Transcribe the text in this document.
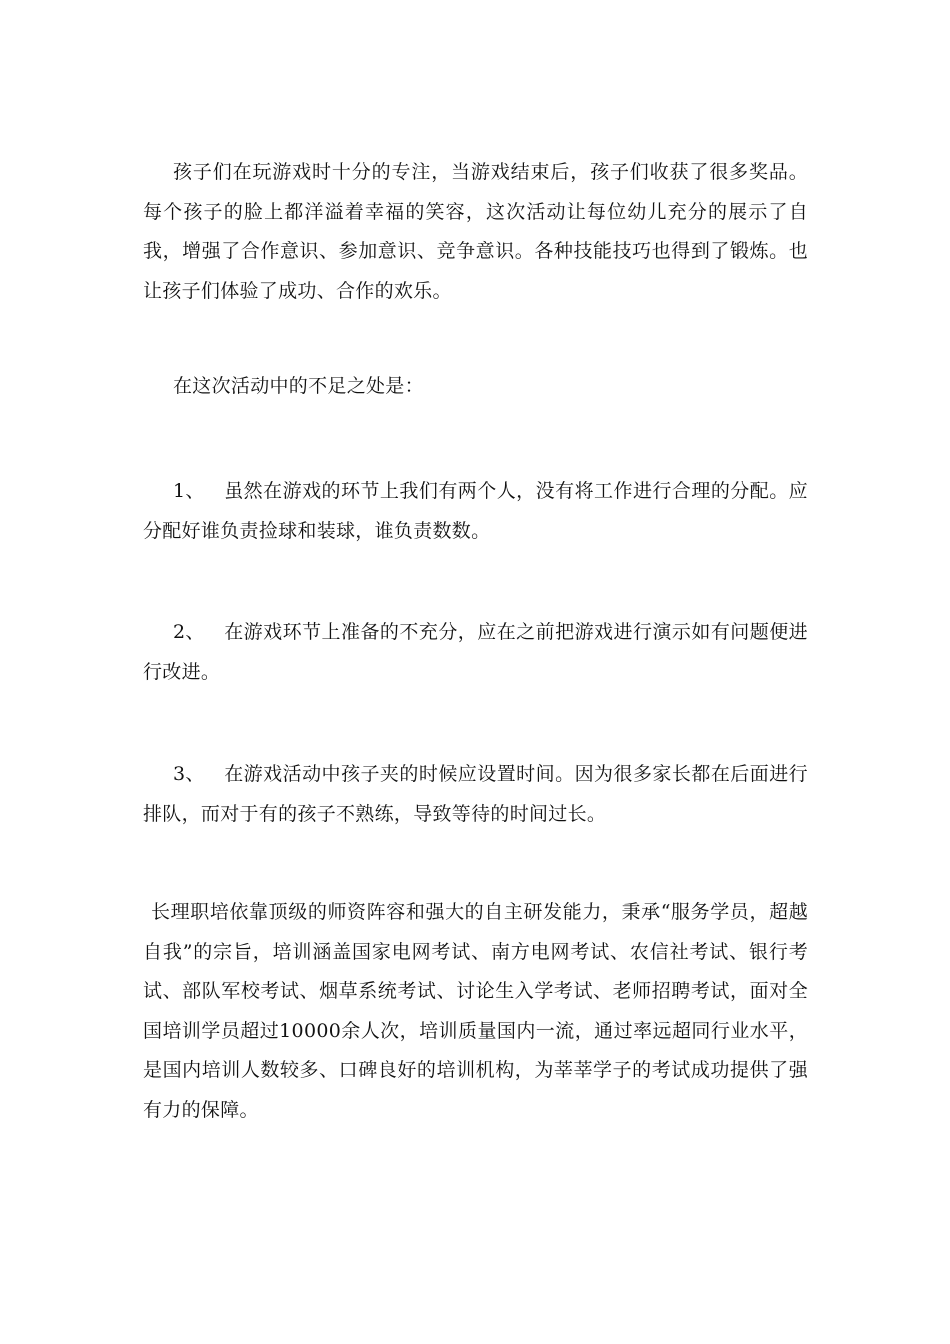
孩子们在玩游戏时十分的专注，当游戏结束后，孩子们收获了很多奖品。每个孩子的脸上都洋溢着幸福的笑容，这次活动让每位幼儿充分的展示了自我，增强了合作意识、参加意识、竞争意识。各种技能技巧也得到了锻炼。也让孩子们体验了成功、合作的欢乐。

在这次活动中的不足之处是：

1、 虽然在游戏的环节上我们有两个人，没有将工作进行合理的分配。应分配好谁负责捡球和装球，谁负责数数。

2、 在游戏环节上准备的不充分，应在之前把游戏进行演示如有问题便进行改进。

3、 在游戏活动中孩子夹的时候应设置时间。因为很多家长都在后面进行排队，而对于有的孩子不熟练，导致等待的时间过长。

长理职培依靠顶级的师资阵容和强大的自主研发能力，秉承“服务学员，超越自我”的宗旨，培训涵盖国家电网考试、南方电网考试、农信社考试、银行考试、部队军校考试、烟草系统考试、讨论生入学考试、老师招聘考试，面对全国培训学员超过10000余人次，培训质量国内一流，通过率远超同行业水平，是国内培训人数较多、口碑良好的培训机构，为莘莘学子的考试成功提供了强有力的保障。
